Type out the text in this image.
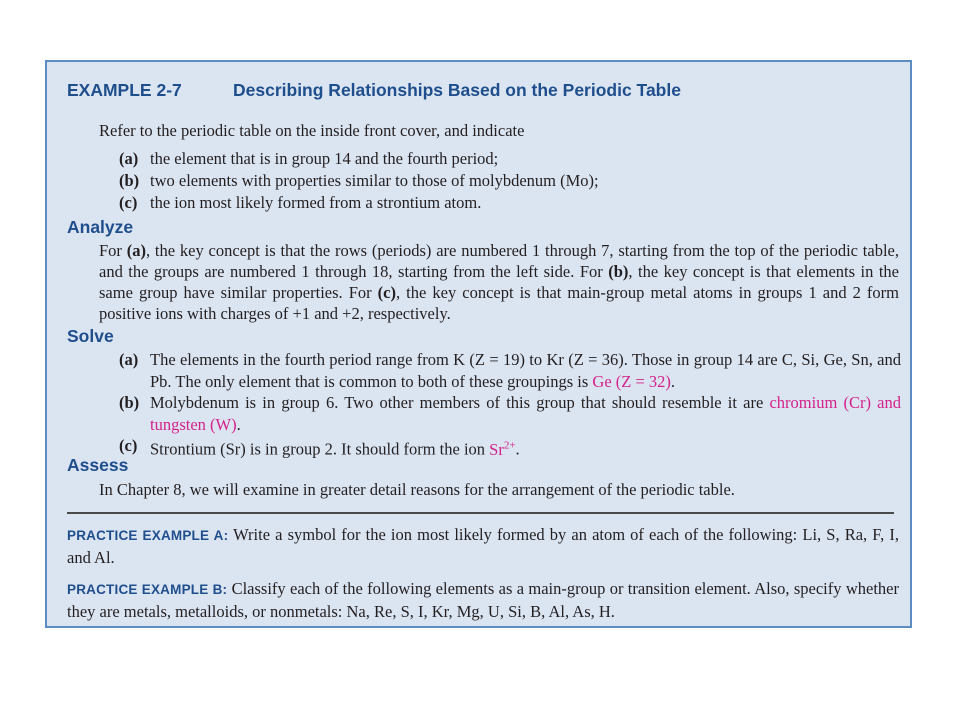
EXAMPLE 2-7	Describing Relationships Based on the Periodic Table
Refer to the periodic table on the inside front cover, and indicate
(a) the element that is in group 14 and the fourth period;
(b) two elements with properties similar to those of molybdenum (Mo);
(c) the ion most likely formed from a strontium atom.
Analyze
For (a), the key concept is that the rows (periods) are numbered 1 through 7, starting from the top of the periodic table, and the groups are numbered 1 through 18, starting from the left side. For (b), the key concept is that elements in the same group have similar properties. For (c), the key concept is that main-group metal atoms in groups 1 and 2 form positive ions with charges of +1 and +2, respectively.
Solve
(a) The elements in the fourth period range from K (Z = 19) to Kr (Z = 36). Those in group 14 are C, Si, Ge, Sn, and Pb. The only element that is common to both of these groupings is Ge (Z = 32).
(b) Molybdenum is in group 6. Two other members of this group that should resemble it are chromium (Cr) and tungsten (W).
(c) Strontium (Sr) is in group 2. It should form the ion $Sr^{2+}$.
Assess
In Chapter 8, we will examine in greater detail reasons for the arrangement of the periodic table.
PRACTICE EXAMPLE A: Write a symbol for the ion most likely formed by an atom of each of the following: Li, S, Ra, F, I, and Al.
PRACTICE EXAMPLE B: Classify each of the following elements as a main-group or transition element. Also, specify whether they are metals, metalloids, or nonmetals: Na, Re, S, I, Kr, Mg, U, Si, B, Al, As, H.
